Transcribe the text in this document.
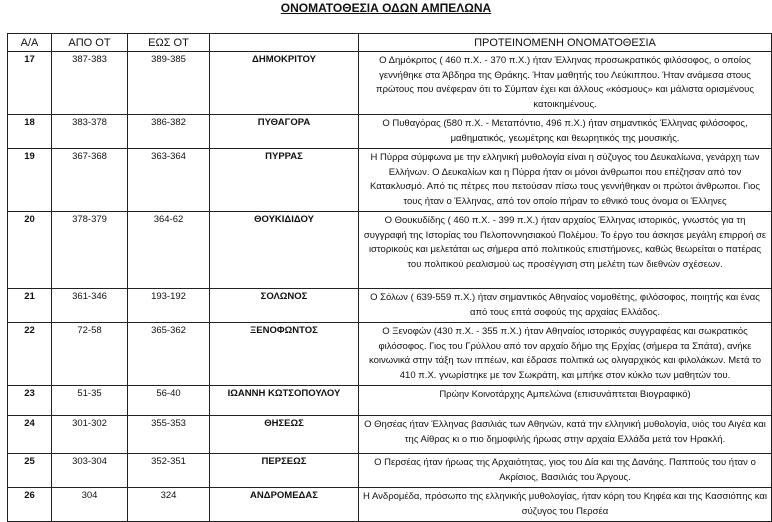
ΟΝΟΜΑΤΟΘΕΣΙΑ ΟΔΩΝ ΑΜΠΕΛΩΝΑ
Α/Α	ΑΠΟ ΟΤ	ΕΩΣ ΟΤ		ΠΡΟΤΕΙΝΟΜΕΝΗ ΟΝΟΜΑΤΟΘΕΣΙΑ
17	387-383	389-385	ΔΗΜΟΚΡΙΤΟΥ	Ο Δημόκριτος ( 460 π.Χ. - 370 π.Χ.) ήταν Έλληνας προσωκρατικός φιλόσοφος, ο οποίος γεννήθηκε στα Άβδηρα της Θράκης. Ήταν μαθητής του Λεύκιππου. Ήταν ανάμεσα στους πρώτους που ανέφεραν ότι το Σύμπαν έχει και άλλους «κόσμους» και μάλιστα ορισμένους κατοικημένους.
18	383-378	386-382	ΠΥΘΑΓΟΡΑ	Ο Πυθαγόρας (580 π.Χ. - Μεταπόντιο, 496 π.Χ.) ήταν σημαντικός Έλληνας φιλόσοφος, μαθηματικός, γεωμέτρης και θεωρητικός της μουσικής.
19	367-368	363-364	ΠΥΡΡΑΣ	Η Πύρρα σύμφωνα με την ελληνική μυθολογία είναι η σύζυγος του Δευκαλίωνα, γενάρχη των Ελλήνων. Ο Δευκαλίων και η Πύρρα ήταν οι μόνοι άνθρωποι που επέζησαν από τον Κατακλυσμό. Από τις πέτρες που πετούσαν πίσω τους γεννήθηκαν οι πρώτοι άνθρωποι. Γιος τους ήταν ο Έλληνας, από τον οποίο πήραν το εθνικό τους όνομα οι Έλληνες
20	378-379	364-62	ΘΟΥΚΙΔΙΔΟΥ	Ο Θουκυδίδης ( 460 π.Χ. - 399 π.Χ.) ήταν αρχαίος Έλληνας ιστορικός, γνωστός για τη συγγραφή της Ιστορίας του Πελοποννησιακού Πολέμου. Το έργο του άσκησε μεγάλη επιρροή σε ιστορικούς και μελετάται ως σήμερα από πολιτικούς επιστήμονες, καθώς θεωρείται ο πατέρας του πολιτικού ρεαλισμού ως προσέγγιση στη μελέτη των διεθνών σχέσεων.
21	361-346	193-192	ΣΟΛΩΝΟΣ	Ο Σόλων ( 639-559 π.Χ.) ήταν σημαντικός Αθηναίος νομοθέτης, φιλόσοφος, ποιητής και ένας από τους επτά σοφούς της αρχαίας Ελλάδος.
22	72-58	365-362	ΞΕΝΟΦΩΝΤΟΣ	Ο Ξενοφών (430 π.Χ. - 355 π.Χ.) ήταν Αθηναίος ιστορικός συγγραφέας και σωκρατικός φιλόσοφος. Γιος του Γρύλλου από τον αρχαίο δήμο της Ερχίας (σήμερα τα Σπάτα), ανήκε κοινωνικά στην τάξη των ιππέων, και έδρασε πολιτικά ως ολιγαρχικός και φιλολάκων. Μετά το 410 π.Χ. γνωρίστηκε με τον Σωκράτη, και μπήκε στον κύκλο των μαθητών του.
23	51-35	56-40	ΙΩΑΝΝΗ ΚΩΤΣΟΠΟΥΛΟΥ	Πρώην Κοινοτάρχης Αμπελώνα (επισυνάπτεται Βιογραφικό)
24	301-302	355-353	ΘΗΣΕΩΣ	Ο Θησέας ήταν Έλληνας βασιλιάς των Αθηνών, κατά την ελληνική μυθολογία, υιός του Αιγέα και της Αίθρας κι ο πιο δημοφιλής ήρωας στην αρχαία Ελλάδα μετά τον Ηρακλή.
25	303-304	352-351	ΠΕΡΣΕΩΣ	Ο Περσέας ήταν ήρωας της Αρχαιότητας, γιος του Δία και της Δανάης. Παππούς του ήταν ο Ακρίσιος, Βασιλιάς του Άργους.
26	304	324	ΑΝΔΡΟΜΕΔΑΣ	Η Ανδρομέδα, πρόσωπο της ελληνικής μυθολογίας, ήταν κόρη του Κηφέα και της Κασσιόπης και σύζυγος του Περσέα
